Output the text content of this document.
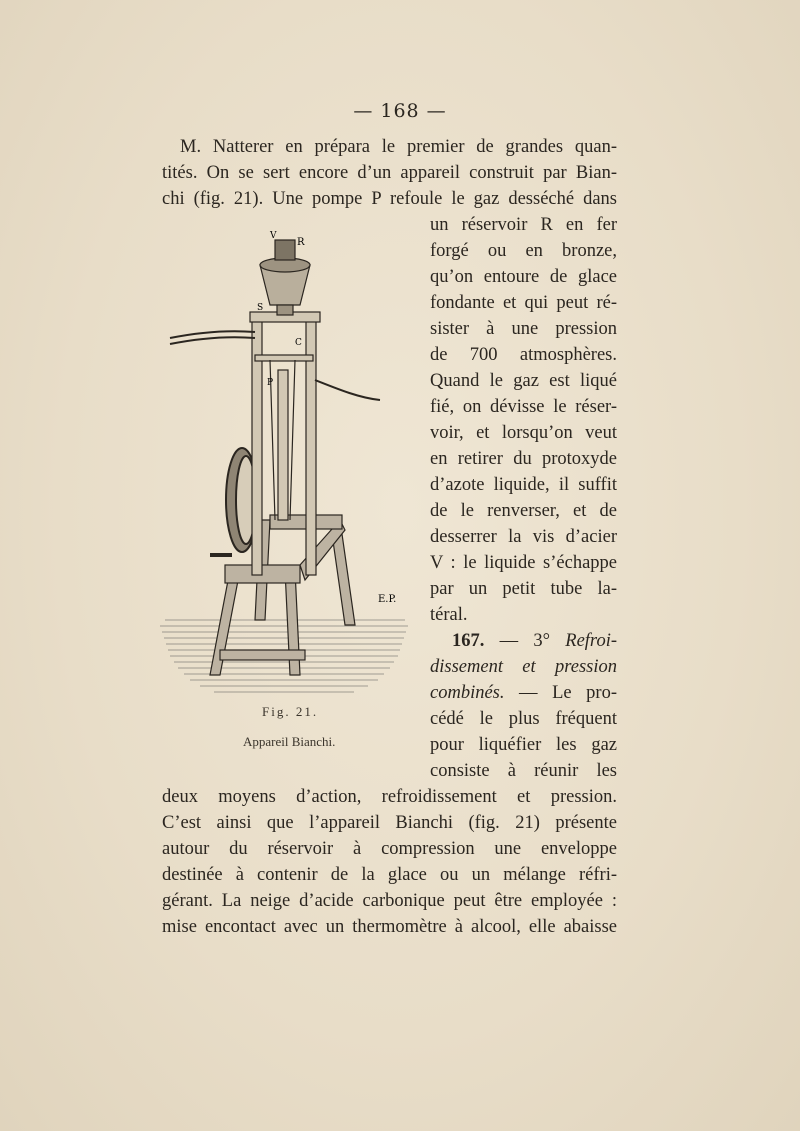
— 168 —
M. Natterer en prépara le premier de grandes quan-
tités. On se sert encore d’un appareil construit par Bian-
chi (fig. 21). Une pompe P refoule le gaz desséché dans
un réservoir R en fer
forgé ou en bronze,
qu’on entoure de glace
fondante et qui peut ré-
sister à une pression
de 700 atmosphères.
Quand le gaz est liqué
fié, on dévisse le réser-
voir, et lorsqu’on veut
en retirer du protoxyde
d’azote liquide, il suffit
de le renverser, et de
desserrer la vis d’acier
V : le liquide s’échappe
par un petit tube la-
téral.
167. — 3° Refroi-
dissement et pression
combinés. — Le pro-
cédé le plus fréquent
pour liquéfier les gaz
consiste à réunir les
deux moyens d’action, refroidissement et pression.
C’est ainsi que l’appareil Bianchi (fig. 21) présente
autour du réservoir à compression une enveloppe
destinée à contenir de la glace ou un mélange réfri-
gérant. La neige d’acide carbonique peut être employée :
mise encontact avec un thermomètre à alcool, elle abaisse
R
P
C
S
V
E.P.
Fig. 21.
Appareil Bianchi.
